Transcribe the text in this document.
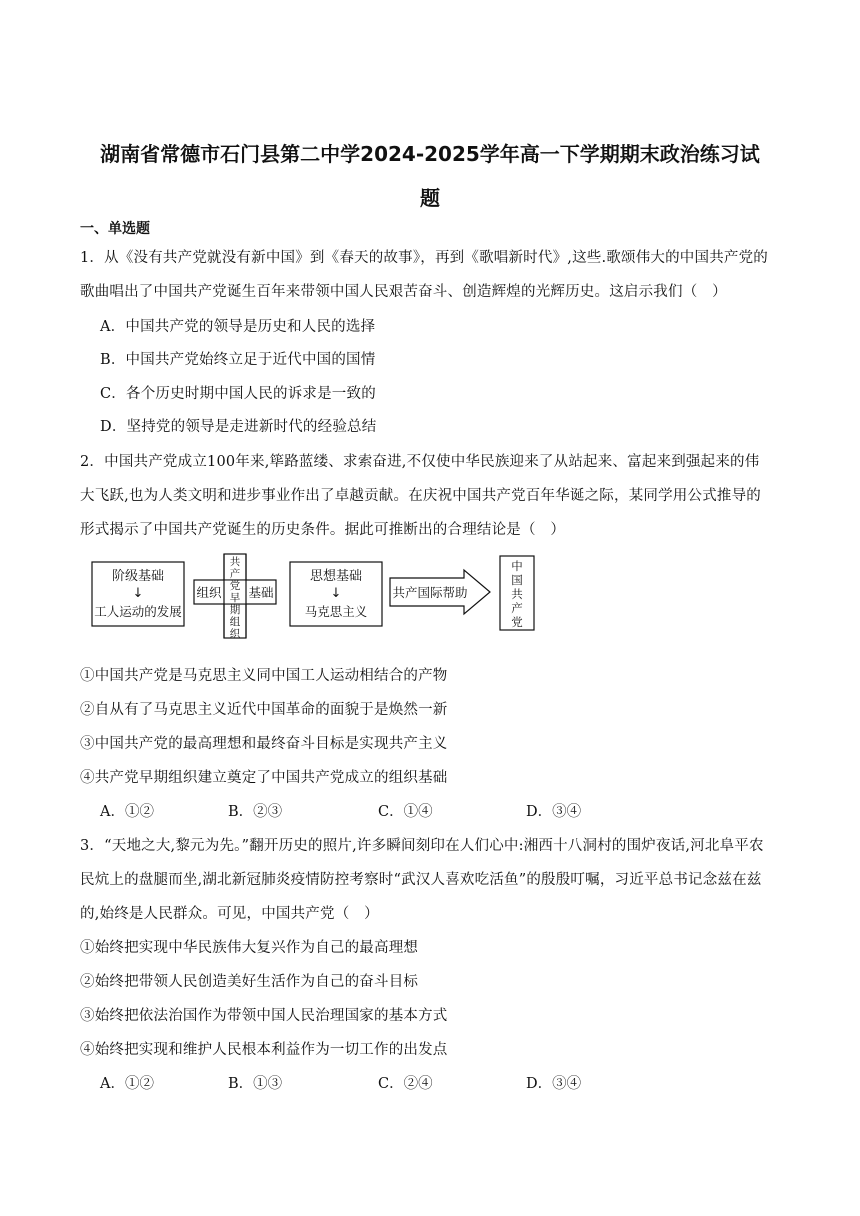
湖南省常德市石门县第二中学2024-2025学年高一下学期期末政治练习试
题
一、单选题
1．从《没有共产党就没有新中国》到《春天的故事》，再到《歌唱新时代》,这些.歌颂伟大的中国共产党的
歌曲唱出了中国共产党诞生百年来带领中国人民艰苦奋斗、创造辉煌的光辉历史。这启示我们（　）
A．中国共产党的领导是历史和人民的选择
B．中国共产党始终立足于近代中国的国情
C．各个历史时期中国人民的诉求是一致的
D．坚持党的领导是走进新时代的经验总结
2．中国共产党成立100年来,筚路蓝缕、求索奋进,不仅使中华民族迎来了从站起来、富起来到强起来的伟
大飞跃,也为人类文明和进步事业作出了卓越贡献。在庆祝中国共产党百年华诞之际，某同学用公式推导的
形式揭示了中国共产党诞生的历史条件。据此可推断出的合理结论是（　）
阶级基础
↓
工人运动的发展
组织 基础
共
产
党
早
期
组
织
思想基础
↓
马克思主义
共产国际帮助
中
国
共
产
党
①中国共产党是马克思主义同中国工人运动相结合的产物
②自从有了马克思主义近代中国革命的面貌于是焕然一新
③中国共产党的最高理想和最终奋斗目标是实现共产主义
④共产党早期组织建立奠定了中国共产党成立的组织基础
A．①②	B．②③	C．①④	D．③④
3．“天地之大,黎元为先。”翻开历史的照片,许多瞬间刻印在人们心中:湘西十八洞村的围炉夜话,河北阜平农
民炕上的盘腿而坐,湖北新冠肺炎疫情防控考察时“武汉人喜欢吃活鱼”的殷殷叮嘱，习近平总书记念兹在兹
的,始终是人民群众。可见，中国共产党（　）
①始终把实现中华民族伟大复兴作为自己的最高理想
②始终把带领人民创造美好生活作为自己的奋斗目标
③始终把依法治国作为带领中国人民治理国家的基本方式
④始终把实现和维护人民根本利益作为一切工作的出发点
A．①②	B．①③	C．②④	D．③④
